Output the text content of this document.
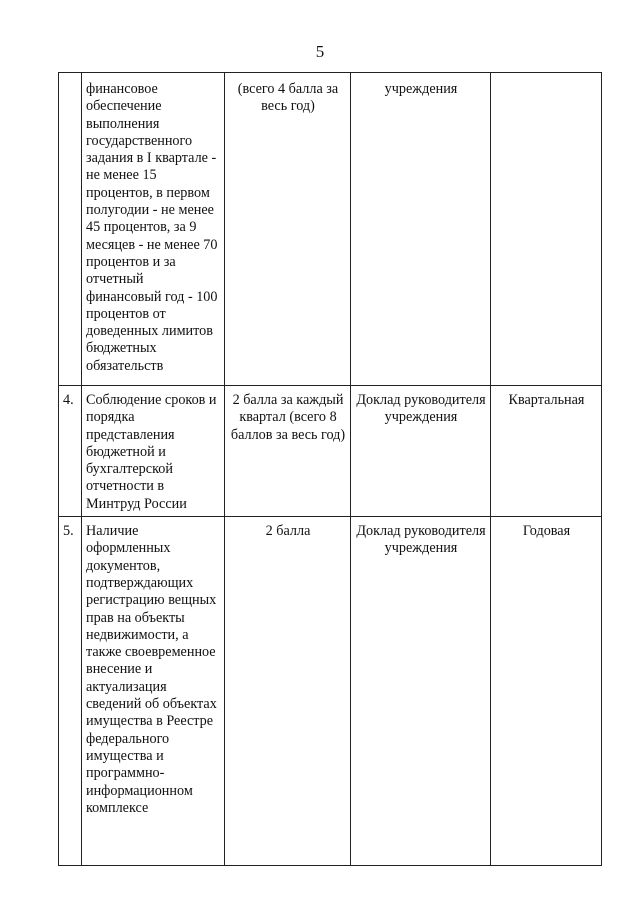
5
	финансовое обеспечение выполнения государственного задания в I квартале - не менее 15 процентов, в первом полугодии - не менее 45 процентов, за 9 месяцев - не менее 70 процентов и за отчетный финансовый год - 100 процентов от доведенных лимитов бюджетных обязательств	(всего 4 балла за весь год)	учреждения	
4.	Соблюдение сроков и порядка представления бюджетной и бухгалтерской отчетности в Минтруд России	2 балла за каждый квартал (всего 8 баллов за весь год)	Доклад руководителя учреждения	Квартальная
5.	Наличие оформленных документов, подтверждающих регистрацию вещных прав на объекты недвижимости, а также своевременное внесение и актуализация сведений об объектах имущества в Реестре федерального имущества и программно-информационном комплексе	2 балла	Доклад руководителя учреждения	Годовая
